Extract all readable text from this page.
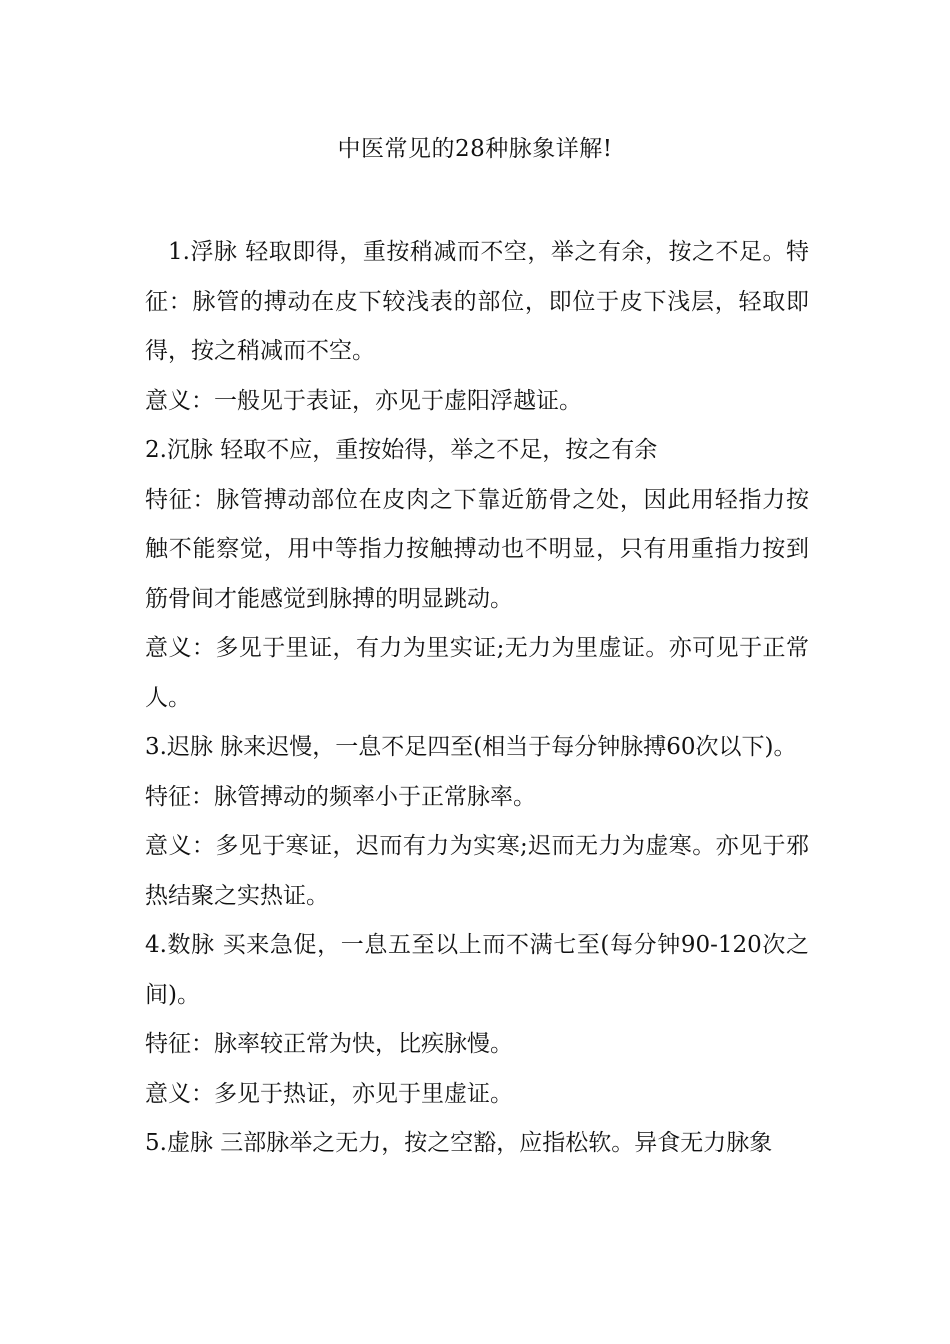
中医常见的28种脉象详解!

1.浮脉 轻取即得，重按稍减而不空，举之有余，按之不足。特征：脉管的搏动在皮下较浅表的部位，即位于皮下浅层，轻取即得，按之稍减而不空。

意义：一般见于表证，亦见于虚阳浮越证。

2.沉脉 轻取不应，重按始得，举之不足，按之有余

特征：脉管搏动部位在皮肉之下靠近筋骨之处，因此用轻指力按触不能察觉，用中等指力按触搏动也不明显，只有用重指力按到筋骨间才能感觉到脉搏的明显跳动。

意义：多见于里证，有力为里实证;无力为里虚证。亦可见于正常人。

3.迟脉 脉来迟慢，一息不足四至(相当于每分钟脉搏60次以下)。

特征：脉管搏动的频率小于正常脉率。

意义：多见于寒证，迟而有力为实寒;迟而无力为虚寒。亦见于邪热结聚之实热证。

4.数脉 买来急促，一息五至以上而不满七至(每分钟90-120次之间)。

特征：脉率较正常为快，比疾脉慢。

意义：多见于热证，亦见于里虚证。

5.虚脉 三部脉举之无力，按之空豁，应指松软。异食无力脉象
